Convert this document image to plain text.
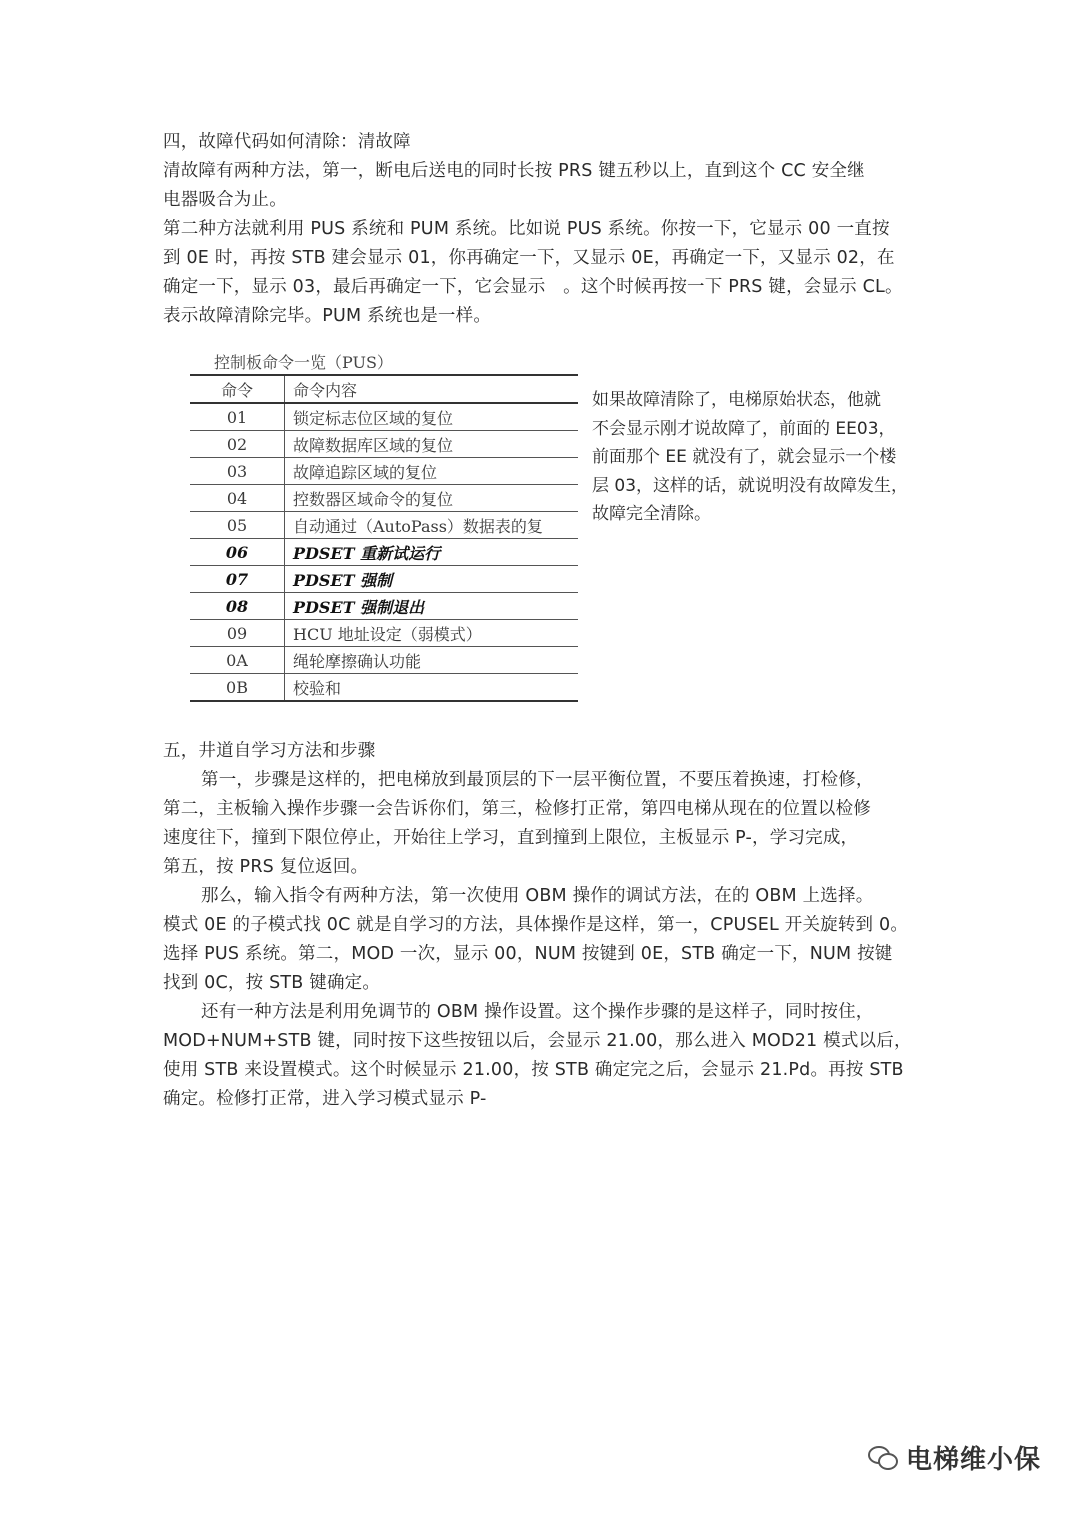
四，故障代码如何清除：清故障
清故障有两种方法，第一，断电后送电的同时长按 PRS 键五秒以上，直到这个 CC 安全继
电器吸合为止。
第二种方法就利用 PUS 系统和 PUM 系统。比如说 PUS 系统。你按一下，它显示 00 一直按
到 0E 时，再按 STB 建会显示 01，你再确定一下，又显示 0E，再确定一下，又显示 02，在
确定一下，显示 03，最后再确定一下，它会显示　。这个时候再按一下 PRS 键，会显示 CL。
表示故障清除完毕。PUM 系统也是一样。
控制板命令一览（PUS）
命令	命令内容
01	锁定标志位区域的复位
02	故障数据库区域的复位
03	故障追踪区域的复位
04	控数器区域命令的复位
05	自动通过（AutoPass）数据表的复
06	PDSET 重新试运行
07	PDSET 强制
08	PDSET 强制退出
09	HCU 地址设定（弱模式）
0A	绳轮摩擦确认功能
0B	校验和
如果故障清除了，电梯原始状态，他就
不会显示刚才说故障了，前面的 EE03，
前面那个 EE 就没有了，就会显示一个楼
层 03，这样的话，就说明没有故障发生，
故障完全清除。
五，井道自学习方法和步骤
第一，步骤是这样的，把电梯放到最顶层的下一层平衡位置，不要压着换速，打检修，
第二，主板输入操作步骤一会告诉你们，第三，检修打正常，第四电梯从现在的位置以检修
速度往下，撞到下限位停止，开始往上学习，直到撞到上限位，主板显示 P-，学习完成，
第五，按 PRS 复位返回。
那么，输入指令有两种方法，第一次使用 OBM 操作的调试方法，在的 OBM 上选择。
模式 0E 的子模式找 0C 就是自学习的方法，具体操作是这样，第一，CPUSEL 开关旋转到 0。
选择 PUS 系统。第二，MOD 一次，显示 00，NUM 按键到 0E，STB 确定一下，NUM 按键
找到 0C，按 STB 键确定。
还有一种方法是利用免调节的 OBM 操作设置。这个操作步骤的是这样子，同时按住，
MOD+NUM+STB 键，同时按下这些按钮以后，会显示 21.00，那么进入 MOD21 模式以后，
使用 STB 来设置模式。这个时候显示 21.00，按 STB 确定完之后，会显示 21.Pd。再按 STB
确定。检修打正常，进入学习模式显示 P-
电梯维小保
